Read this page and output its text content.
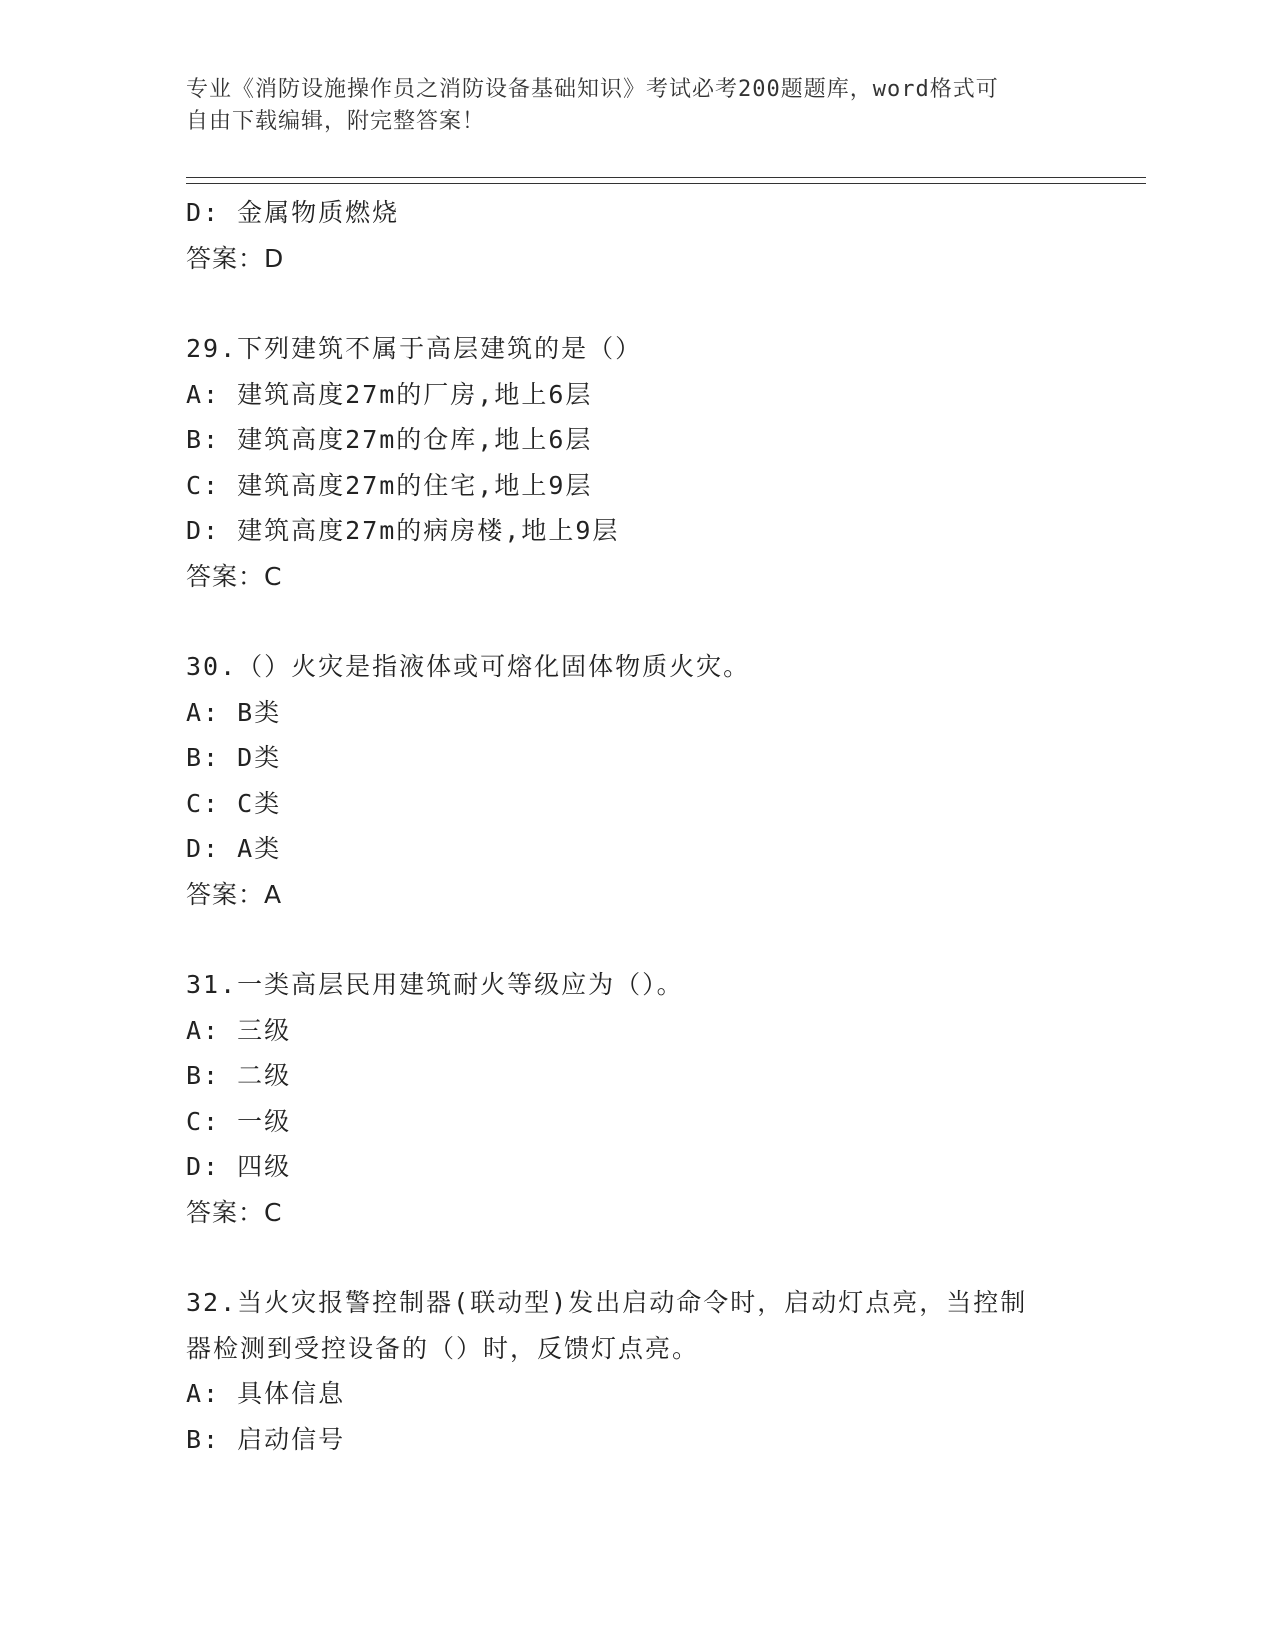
专业《消防设施操作员之消防设备基础知识》考试必考200题题库，word格式可
自由下载编辑，附完整答案！
D: 金属物质燃烧
答案：D
29.下列建筑不属于高层建筑的是（）
A: 建筑高度27m的厂房,地上6层
B: 建筑高度27m的仓库,地上6层
C: 建筑高度27m的住宅,地上9层
D: 建筑高度27m的病房楼,地上9层
答案：C
30.（）火灾是指液体或可熔化固体物质火灾。
A: B类
B: D类
C: C类
D: A类
答案：A
31.一类高层民用建筑耐火等级应为（）。
A: 三级
B: 二级
C: 一级
D: 四级
答案：C
32.当火灾报警控制器(联动型)发出启动命令时，启动灯点亮，当控制
器检测到受控设备的（）时，反馈灯点亮。
A: 具体信息
B: 启动信号
